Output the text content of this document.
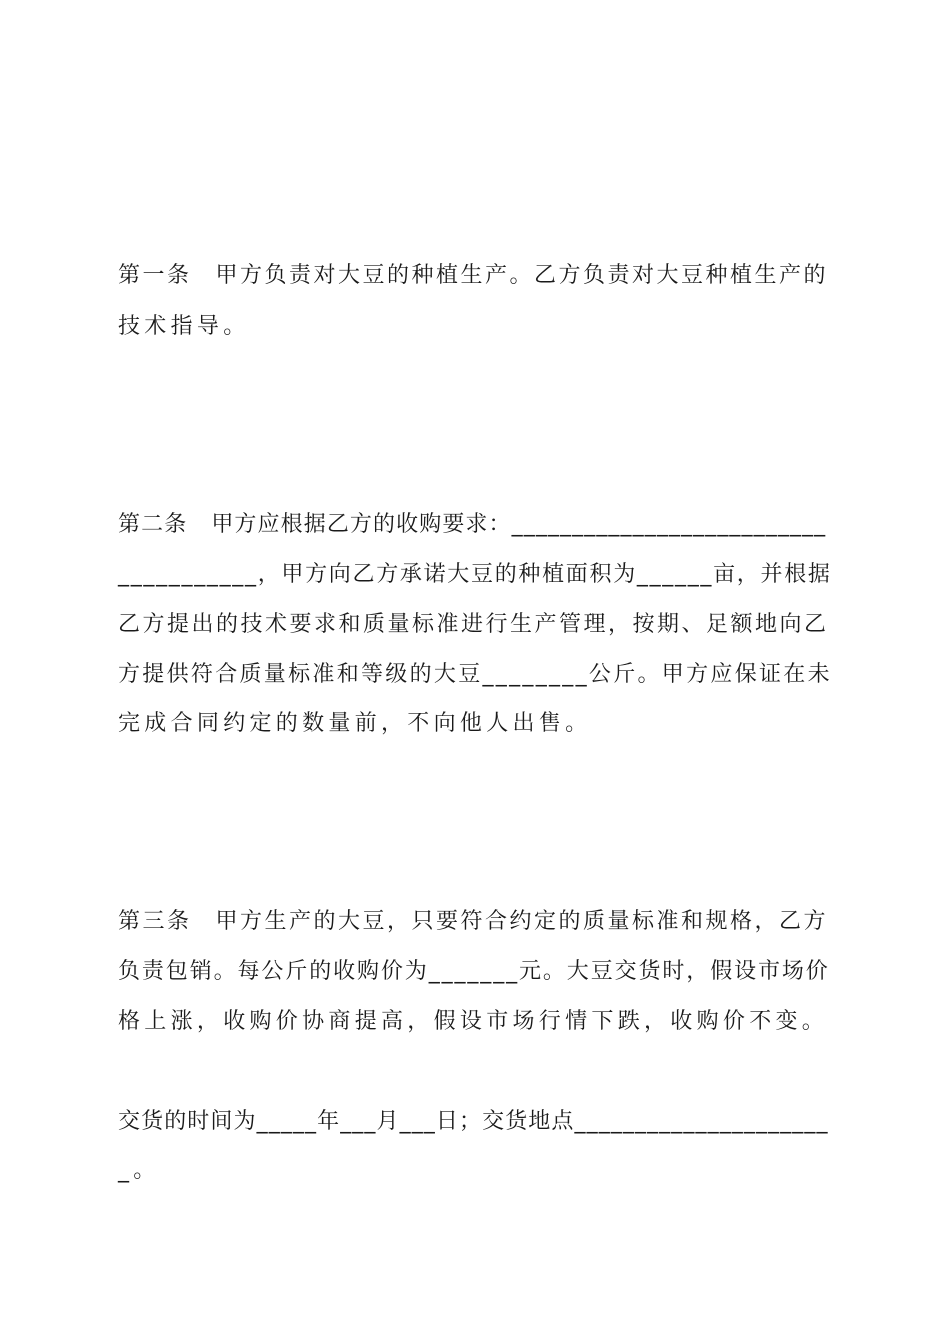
第一条 甲方负责对大豆的种植生产。乙方负责对大豆种植生产的
技术指导。
第二条 甲方应根据乙方的收购要求：__________________________
___________，甲方向乙方承诺大豆的种植面积为______亩，并根据
乙方提出的技术要求和质量标准进行生产管理，按期、足额地向乙
方提供符合质量标准和等级的大豆________公斤。甲方应保证在未
完成合同约定的数量前，不向他人出售。
第三条 甲方生产的大豆，只要符合约定的质量标准和规格，乙方
负责包销。每公斤的收购价为_______元。大豆交货时，假设市场价
格上涨，收购价协商提高，假设市场行情下跌，收购价不变。
交货的时间为_____年___月___日；交货地点_____________________
_。
